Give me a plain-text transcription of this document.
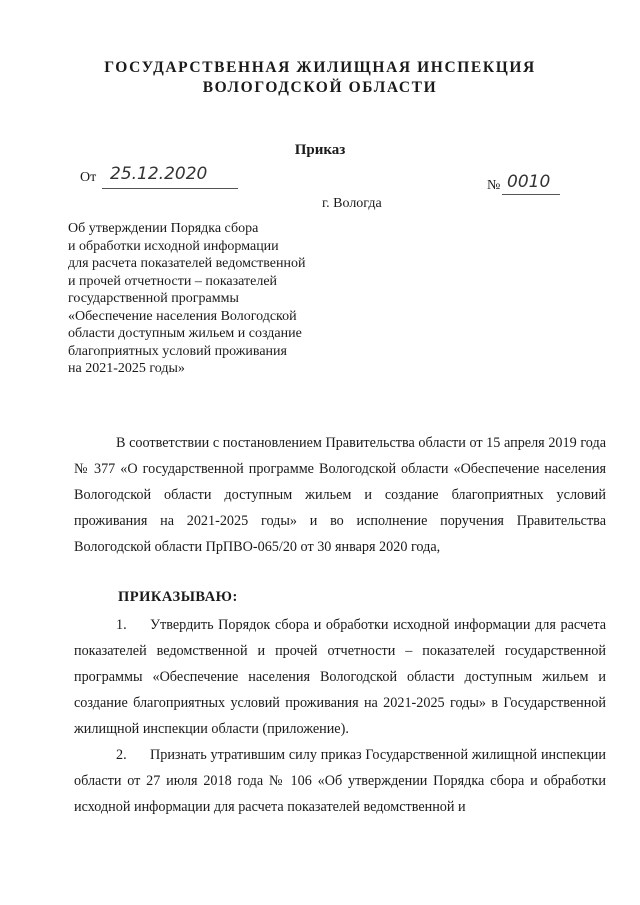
ГОСУДАРСТВЕННАЯ ЖИЛИЩНАЯ ИНСПЕКЦИЯ
ВОЛОГОДСКОЙ ОБЛАСТИ
Приказ
От 25.12.2020
г. Вологда
№ 0010
Об утверждении Порядка сбора
и обработки исходной информации
для расчета показателей ведомственной
и прочей отчетности – показателей
государственной программы
«Обеспечение населения Вологодской
области доступным жильем и создание
благоприятных условий проживания
на 2021-2025 годы»
В соответствии с постановлением Правительства области от 15 апреля 2019 года № 377 «О государственной программе Вологодской области «Обеспечение населения Вологодской области доступным жильем и создание благоприятных условий проживания на 2021-2025 годы» и во исполнение поручения Правительства Вологодской области ПрПВО-065/20 от 30 января 2020 года,
ПРИКАЗЫВАЮ:
1. Утвердить Порядок сбора и обработки исходной информации для расчета показателей ведомственной и прочей отчетности – показателей государственной программы «Обеспечение населения Вологодской области доступным жильем и создание благоприятных условий проживания на 2021-2025 годы» в Государственной жилищной инспекции области (приложение).
2. Признать утратившим силу приказ Государственной жилищной инспекции области от 27 июля 2018 года № 106 «Об утверждении Порядка сбора и обработки исходной информации для расчета показателей ведомственной и
